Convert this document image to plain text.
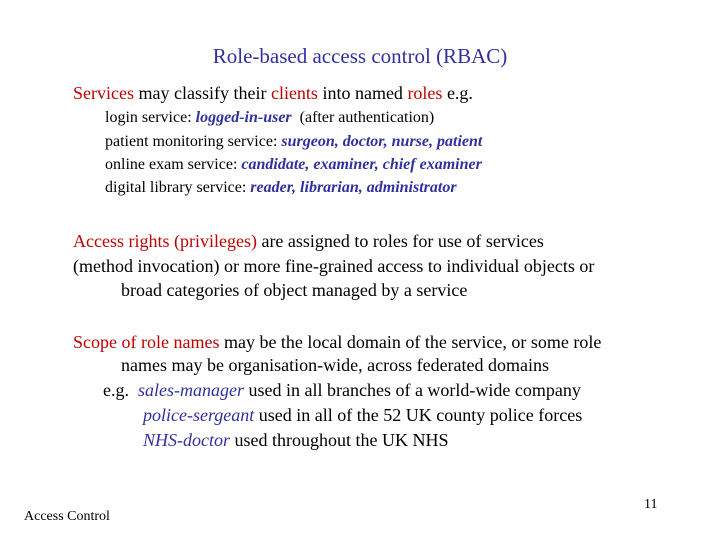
Role-based access control (RBAC)
Services may classify their clients into named roles e.g.
login service: logged-in-user  (after authentication)
patient monitoring service: surgeon, doctor, nurse, patient
online exam service: candidate, examiner, chief examiner
digital library service: reader, librarian, administrator
Access rights (privileges) are assigned to roles for use of services
(method invocation) or more fine-grained access to individual objects or
broad categories of object managed by a service
Scope of role names may be the local domain of the service, or some role
names may be organisation-wide, across federated domains
e.g.  sales-manager used in all branches of a world-wide company
police-sergeant used in all of the 52 UK county police forces
NHS-doctor used throughout the UK NHS
Access Control
11
